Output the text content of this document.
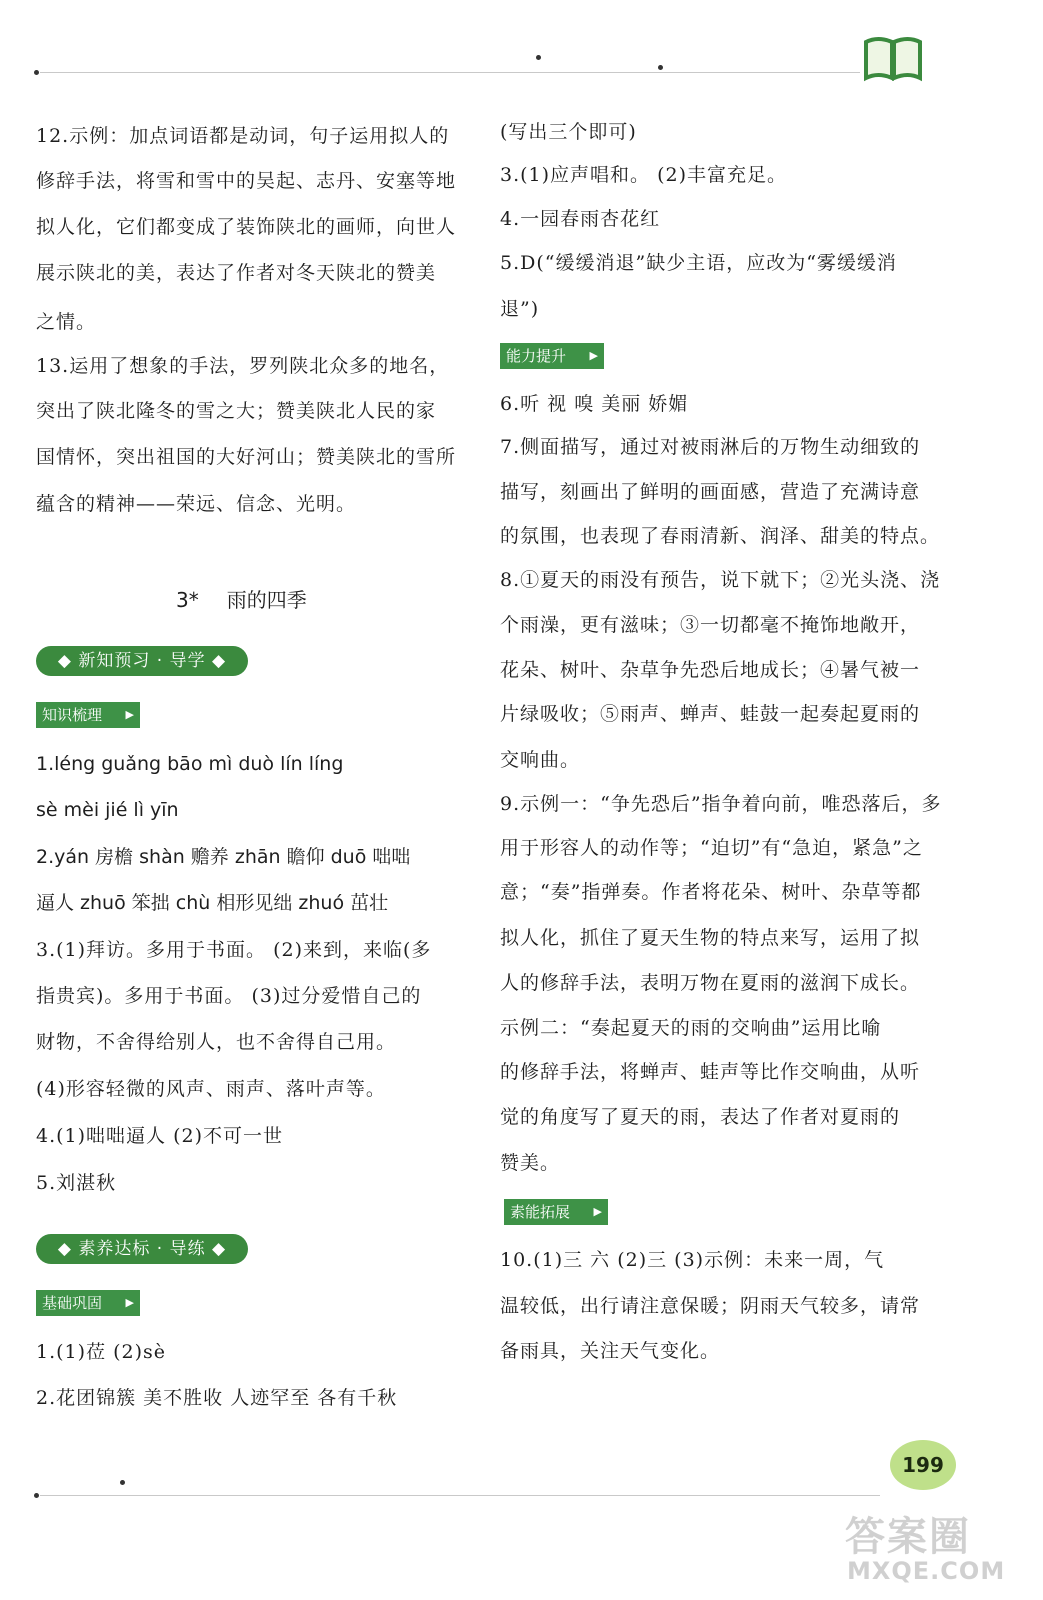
12.示例：加点词语都是动词，句子运用拟人的
修辞手法，将雪和雪中的吴起、志丹、安塞等地
拟人化，它们都变成了装饰陕北的画师，向世人
展示陕北的美，表达了作者对冬天陕北的赞美
之情。
13.运用了想象的手法，罗列陕北众多的地名，
突出了陕北隆冬的雪之大；赞美陕北人民的家
国情怀，突出祖国的大好河山；赞美陕北的雪所
蕴含的精神——荣远、信念、光明。
3* 雨的四季
◆ 新知预习 · 导学 ◆
知识梳理 ▶
1.léng guǎng bāo mì duò lín líng
sè mèi jié lì yīn
2.yán 房檐 shàn 赡养 zhān 瞻仰 duō 咄咄
逼人 zhuō 笨拙 chù 相形见绌 zhuó 茁壮
3.(1)拜访。多用于书面。 (2)来到，来临(多
指贵宾)。多用于书面。 (3)过分爱惜自己的
财物，不舍得给别人，也不舍得自己用。
(4)形容轻微的风声、雨声、落叶声等。
4.(1)咄咄逼人 (2)不可一世
5.刘湛秋
◆ 素养达标 · 导练 ◆
基础巩固 ▶
1.(1)莅 (2)sè
2.花团锦簇 美不胜收 人迹罕至 各有千秋
(写出三个即可)
3.(1)应声唱和。 (2)丰富充足。
4.一园春雨杏花红
5.D(“缓缓消退”缺少主语，应改为“雾缓缓消
退”)
能力提升 ▶
6.听 视 嗅 美丽 娇媚
7.侧面描写，通过对被雨淋后的万物生动细致的
描写，刻画出了鲜明的画面感，营造了充满诗意
的氛围，也表现了春雨清新、润泽、甜美的特点。
8.①夏天的雨没有预告，说下就下；②光头浇、浇
个雨澡，更有滋味；③一切都毫不掩饰地敞开，
花朵、树叶、杂草争先恐后地成长；④暑气被一
片绿吸收；⑤雨声、蝉声、蛙鼓一起奏起夏雨的
交响曲。
9.示例一：“争先恐后”指争着向前，唯恐落后，多
用于形容人的动作等；“迫切”有“急迫，紧急”之
意；“奏”指弹奏。作者将花朵、树叶、杂草等都
拟人化，抓住了夏天生物的特点来写，运用了拟
人的修辞手法，表明万物在夏雨的滋润下成长。
示例二：“奏起夏天的雨的交响曲”运用比喻
的修辞手法，将蝉声、蛙声等比作交响曲，从听
觉的角度写了夏天的雨，表达了作者对夏雨的
赞美。
素能拓展 ▶
10.(1)三 六 (2)三 (3)示例：未来一周，气
温较低，出行请注意保暖；阴雨天气较多，请常
备雨具，关注天气变化。
199
答案圈
MXQE.COM
